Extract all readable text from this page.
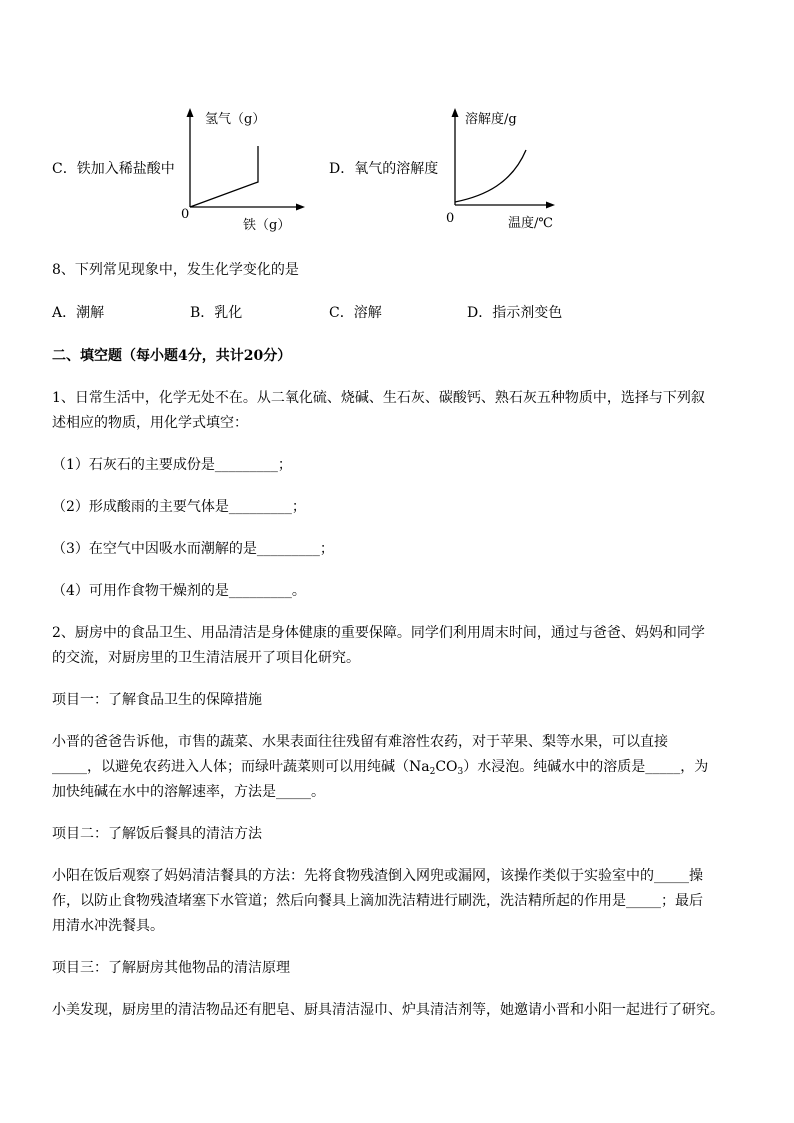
C．铁加入稀盐酸中	D．氧气的溶解度
氢气（g）
铁（g）
0
溶解度/g
温度/℃
0
8、下列常见现象中，发生化学变化的是
A．潮解	B．乳化	C．溶解	D．指示剂变色
二、填空题（每小题4分，共计20分）
1、日常生活中，化学无处不在。从二氧化硫、烧碱、生石灰、碳酸钙、熟石灰五种物质中，选择与下列叙
述相应的物质，用化学式填空：
（1）石灰石的主要成份是_________；
（2）形成酸雨的主要气体是_________；
（3）在空气中因吸水而潮解的是_________；
（4）可用作食物干燥剂的是_________。
2、厨房中的食品卫生、用品清洁是身体健康的重要保障。同学们利用周末时间，通过与爸爸、妈妈和同学
的交流，对厨房里的卫生清洁展开了项目化研究。
项目一：了解食品卫生的保障措施
小晋的爸爸告诉他，市售的蔬菜、水果表面往往残留有难溶性农药，对于苹果、梨等水果，可以直接
_____，以避免农药进入人体；而绿叶蔬菜则可以用纯碱$(Na_2CO_3)$水浸泡。纯碱水中的溶质是_____，为
加快纯碱在水中的溶解速率，方法是_____。
项目二：了解饭后餐具的清洁方法
小阳在饭后观察了妈妈清洁餐具的方法：先将食物残渣倒入网兜或漏网，该操作类似于实验室中的_____操
作，以防止食物残渣堵塞下水管道；然后向餐具上滴加洗洁精进行刷洗，洗洁精所起的作用是_____；最后
用清水冲洗餐具。
项目三：了解厨房其他物品的清洁原理
小美发现，厨房里的清洁物品还有肥皂、厨具清洁湿巾、炉具清洁剂等，她邀请小晋和小阳一起进行了研究。
